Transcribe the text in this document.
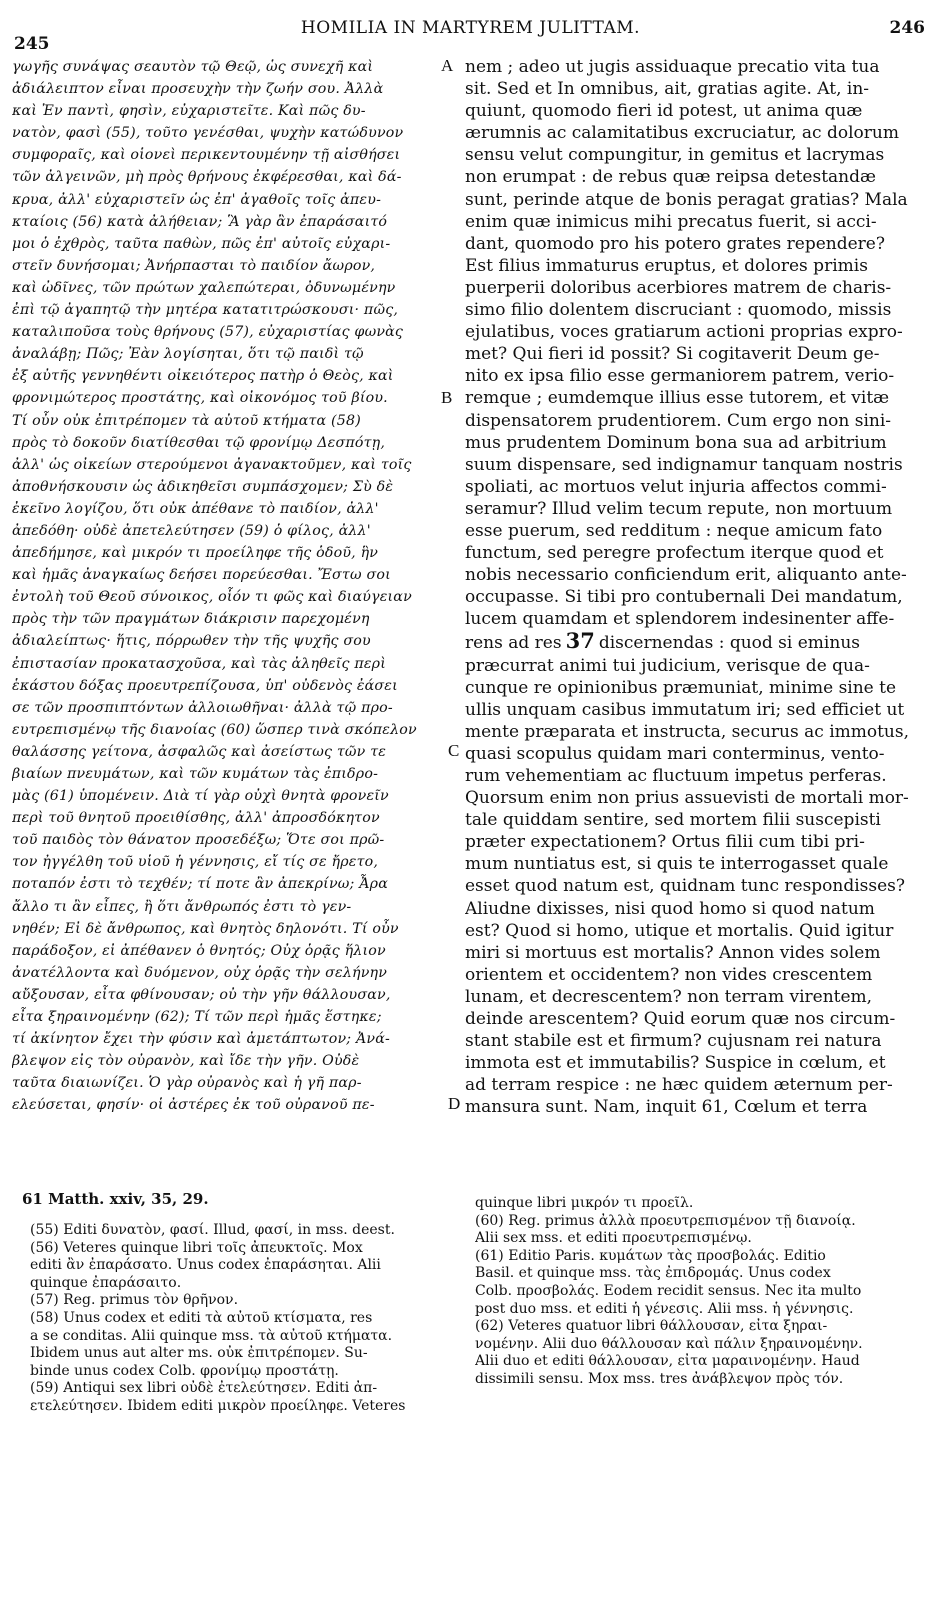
245
HOMILIA IN MARTYREM JULITTAM.	246
γωγῆς συνάψας σεαυτὸν τῷ Θεῷ, ὡς συνεχῆ καὶ
ἀδιάλειπτον εἶναι προσευχὴν τὴν ζωήν σου. Ἀλλὰ
καὶ Ἐν παντὶ, φησὶν, εὐχαριστεῖτε. Καὶ πῶς δυ-
νατὸν, φασὶ (55), τοῦτο γενέσθαι, ψυχὴν κατώδυνον
συμφοραῖς, καὶ οἱονεὶ περικεντουμένην τῇ αἰσθήσει
τῶν ἀλγεινῶν, μὴ πρὸς θρήνους ἐκφέρεσθαι, καὶ δά-
κρυα, ἀλλ' εὐχαριστεῖν ὡς ἐπ' ἀγαθοῖς τοῖς ἀπευ-
κταίοις (56) κατὰ ἀλήθειαν; Ἃ γὰρ ἂν ἐπαράσαιτό
μοι ὁ ἐχθρὸς, ταῦτα παθὼν, πῶς ἐπ' αὐτοῖς εὐχαρι-
στεῖν δυνήσομαι; Ἀνήρπασται τὸ παιδίον ἄωρον,
καὶ ὠδῖνες, τῶν πρώτων χαλεπώτεραι, ὀδυνωμένην
ἐπὶ τῷ ἀγαπητῷ τὴν μητέρα κατατιτρώσκουσι· πῶς,
καταλιποῦσα τοὺς θρήνους (57), εὐχαριστίας φωνὰς
ἀναλάβῃ; Πῶς; Ἐὰν λογίσηται, ὅτι τῷ παιδὶ τῷ
ἐξ αὐτῆς γεννηθέντι οἰκειότερος πατὴρ ὁ Θεὸς, καὶ
φρονιμώτερος προστάτης, καὶ οἰκονόμος τοῦ βίου.
Τί οὖν οὐκ ἐπιτρέπομεν τὰ αὐτοῦ κτήματα (58)
πρὸς τὸ δοκοῦν διατίθεσθαι τῷ φρονίμῳ Δεσπότῃ,
ἀλλ' ὡς οἰκείων στερούμενοι ἀγανακτοῦμεν, καὶ τοῖς
ἀποθνήσκουσιν ὡς ἀδικηθεῖσι συμπάσχομεν; Σὺ δὲ
ἐκεῖνο λογίζου, ὅτι οὐκ ἀπέθανε τὸ παιδίον, ἀλλ'
ἀπεδόθη· οὐδὲ ἀπετελεύτησεν (59) ὁ φίλος, ἀλλ'
ἀπεδήμησε, καὶ μικρόν τι προείληφε τῆς ὁδοῦ, ἣν
καὶ ἡμᾶς ἀναγκαίως δεήσει πορεύεσθαι. Ἔστω σοι
ἐντολὴ τοῦ Θεοῦ σύνοικος, οἷόν τι φῶς καὶ διαύγειαν
πρὸς τὴν τῶν πραγμάτων διάκρισιν παρεχομένη
ἀδιαλείπτως· ἥτις, πόρρωθεν τὴν τῆς ψυχῆς σου
ἐπιστασίαν προκατασχοῦσα, καὶ τὰς ἀληθεῖς περὶ
ἑκάστου δόξας προευτρεπίζουσα, ὑπ' οὐδενὸς ἐάσει
σε τῶν προσπιπτόντων ἀλλοιωθῆναι· ἀλλὰ τῷ προ-
ευτρεπισμένῳ τῆς διανοίας (60) ὥσπερ τινὰ σκόπελον
θαλάσσης γείτονα, ἀσφαλῶς καὶ ἀσείστως τῶν τε
βιαίων πνευμάτων, καὶ τῶν κυμάτων τὰς ἐπιδρο-
μὰς (61) ὑπομένειν. Διὰ τί γὰρ οὐχὶ θνητὰ φρονεῖν
περὶ τοῦ θνητοῦ προειθίσθης, ἀλλ' ἀπροσδόκητον
τοῦ παιδὸς τὸν θάνατον προσεδέξω; Ὅτε σοι πρῶ-
τον ἠγγέλθη τοῦ υἱοῦ ἡ γέννησις, εἴ τίς σε ἤρετο,
ποταπόν ἐστι τὸ τεχθέν; τί ποτε ἂν ἀπεκρίνω; Ἆρα
ἄλλο τι ἂν εἶπες, ἢ ὅτι ἄνθρωπός ἐστι τὸ γεν-
νηθέν; Εἰ δὲ ἄνθρωπος, καὶ θνητὸς δηλονότι. Τί οὖν
παράδοξον, εἰ ἀπέθανεν ὁ θνητός; Οὐχ ὁρᾷς ἥλιον
ἀνατέλλοντα καὶ δυόμενον, οὐχ ὁρᾷς τὴν σελήνην
αὔξουσαν, εἶτα φθίνουσαν; οὐ τὴν γῆν θάλλουσαν,
εἶτα ξηραινομένην (62); Τί τῶν περὶ ἡμᾶς ἕστηκε;
τί ἀκίνητον ἔχει τὴν φύσιν καὶ ἀμετάπτωτον; Ἀνά-
βλεψον εἰς τὸν οὐρανὸν, καὶ ἴδε τὴν γῆν. Οὐδὲ
ταῦτα διαιωνίζει. Ὁ γὰρ οὐρανὸς καὶ ἡ γῆ παρ-
ελεύσεται, φησίν· οἱ ἀστέρες ἐκ τοῦ οὐρανοῦ πε-
nem ; adeo ut jugis assiduaque precatio vita tua
sit. Sed et In omnibus, ait, gratias agite. At, in-
quiunt, quomodo fieri id potest, ut anima quæ
ærumnis ac calamitatibus excruciatur, ac dolorum
sensu velut compungitur, in gemitus et lacrymas
non erumpat : de rebus quæ reipsa detestandæ
sunt, perinde atque de bonis peragat gratias? Mala
enim quæ inimicus mihi precatus fuerit, si acci-
dant, quomodo pro his potero grates rependere?
Est filius immaturus eruptus, et dolores primis
puerperii doloribus acerbiores matrem de charis-
simo filio dolentem discruciant : quomodo, missis
ejulatibus, voces gratiarum actioni proprias expro-
met? Qui fieri id possit? Si cogitaverit Deum ge-
nito ex ipsa filio esse germaniorem patrem, verio-
remque ; eumdemque illius esse tutorem, et vitæ
dispensatorem prudentiorem. Cum ergo non sini-
mus prudentem Dominum bona sua ad arbitrium
suum dispensare, sed indignamur tanquam nostris
spoliati, ac mortuos velut injuria affectos commi-
seramur? Illud velim tecum repute, non mortuum
esse puerum, sed redditum : neque amicum fato
functum, sed peregre profectum iterque quod et
nobis necessario conficiendum erit, aliquanto ante-
occupasse. Si tibi pro contubernali Dei mandatum,
lucem quamdam et splendorem indesinenter affe-
rens ad res 37 discernendas : quod si eminus
præcurrat animi tui judicium, verisque de qua-
cunque re opinionibus præmuniat, minime sine te
ullis unquam casibus immutatum iri; sed efficiet ut
mente præparata et instructa, securus ac immotus,
quasi scopulus quidam mari conterminus, vento-
rum vehementiam ac fluctuum impetus perferas.
Quorsum enim non prius assuevisti de mortali mor-
tale quiddam sentire, sed mortem filii suscepisti
præter expectationem? Ortus filii cum tibi pri-
mum nuntiatus est, si quis te interrogasset quale
esset quod natum est, quidnam tunc respondisses?
Aliudne dixisses, nisi quod homo si quod natum
est? Quod si homo, utique et mortalis. Quid igitur
miri si mortuus est mortalis? Annon vides solem
orientem et occidentem? non vides crescentem
lunam, et decrescentem? non terram virentem,
deinde arescentem? Quid eorum quæ nos circum-
stant stabile est et firmum? cujusnam rei natura
immota est et immutabilis? Suspice in cœlum, et
ad terram respice : ne hæc quidem æternum per-
mansura sunt. Nam, inquit 61, Cœlum et terra
A
B
C
D
61 Matth. xxiv, 35, 29.
(55) Editi δυνατὸν, φασί. Illud, φασί, in mss. deest.
(56) Veteres quinque libri τοῖς ἀπευκτοῖς. Mox
editi ἂν ἐπαράσατο. Unus codex ἐπαράσηται. Alii
quinque ἐπαράσαιτο.
(57) Reg. primus τὸν θρῆνον.
(58) Unus codex et editi τὰ αὐτοῦ κτίσματα, res
a se conditas. Alii quinque mss. τὰ αὐτοῦ κτήματα.
Ibidem unus aut alter ms. οὐκ ἐπιτρέπομεν. Su-
binde unus codex Colb. φρονίμῳ προστάτῃ.
(59) Antiqui sex libri οὐδὲ ἐτελεύτησεν. Editi ἀπ-
ετελεύτησεν. Ibidem editi μικρὸν προείληφε. Veteres
quinque libri μικρόν τι προεῖλ.
(60) Reg. primus ἀλλὰ προευτρεπισμένον τῇ διανοίᾳ.
Alii sex mss. et editi προευτρεπισμένῳ.
(61) Editio Paris. κυμάτων τὰς προσβολάς. Editio
Basil. et quinque mss. τὰς ἐπιδρομάς. Unus codex
Colb. προσβολάς. Eodem recidit sensus. Nec ita multo
post duo mss. et editi ἡ γένεσις. Alii mss. ἡ γέννησις.
(62) Veteres quatuor libri θάλλουσαν, εἶτα ξηραι-
νομένην. Alii duo θάλλουσαν καὶ πάλιν ξηραινομένην.
Alii duo et editi θάλλουσαν, εἶτα μαραινομένην. Haud
dissimili sensu. Mox mss. tres ἀνάβλεψον πρὸς τόν.
